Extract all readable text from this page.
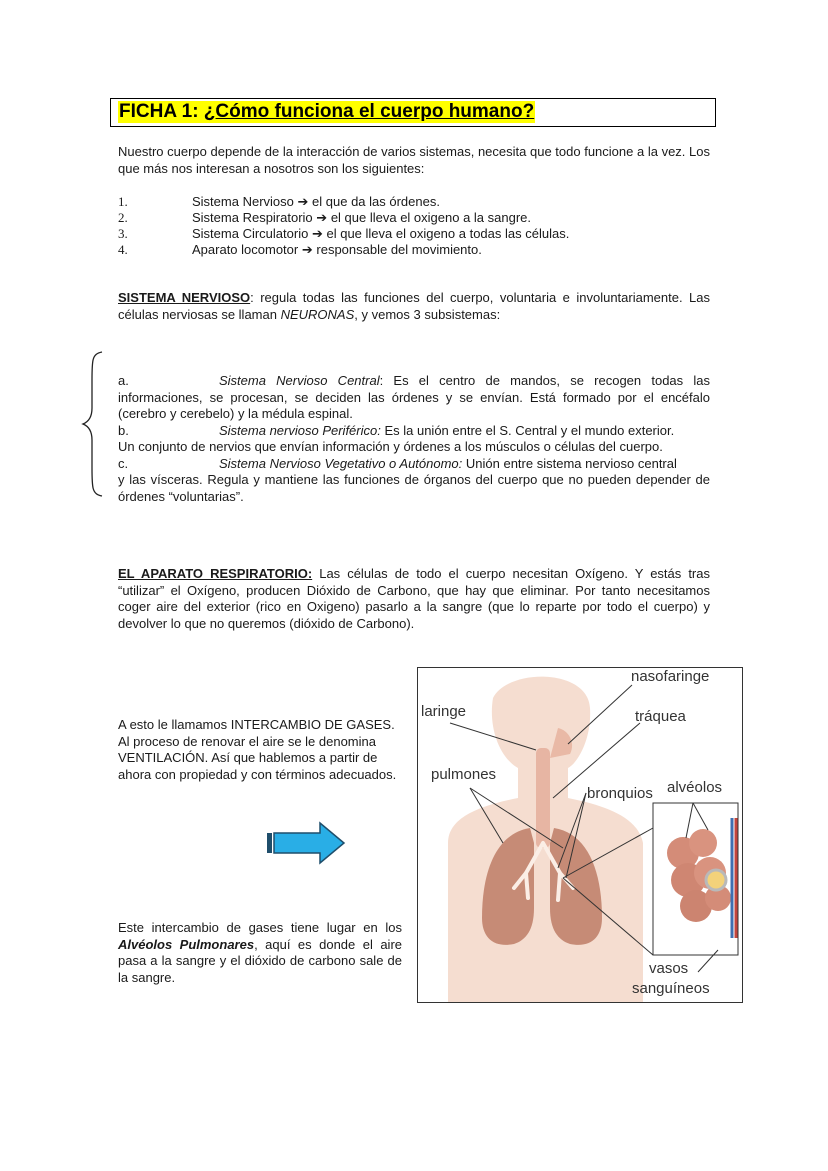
FICHA 1: ¿Cómo funciona el cuerpo humano?
Nuestro cuerpo depende de la interacción de varios sistemas, necesita que todo funcione a la vez. Los que más nos interesan a nosotros son los siguientes:
1.	Sistema Nervioso ➔ el que da las órdenes.
2.	Sistema Respiratorio ➔ el que lleva el oxigeno a la sangre.
3.	Sistema Circulatorio ➔ el que lleva el oxigeno a todas las células.
4.	Aparato locomotor ➔ responsable del movimiento.
SISTEMA NERVIOSO: regula todas las funciones del cuerpo, voluntaria e involuntariamente. Las células nerviosas se llaman NEURONAS, y vemos 3 subsistemas:
a.	Sistema Nervioso Central: Es el centro de mandos, se recogen todas las
informaciones, se procesan, se deciden las órdenes y se envían. Está formado por el encéfalo (cerebro y cerebelo) y la médula espinal.
b.	Sistema nervioso Periférico: Es la unión entre el S. Central y el mundo exterior.
Un conjunto de nervios que envían información y órdenes a los músculos o células del cuerpo.
c.	Sistema Nervioso Vegetativo o Autónomo: Unión entre sistema nervioso central
y las vísceras. Regula y mantiene las funciones de órganos del cuerpo que no pueden depender de órdenes “voluntarias”.
EL APARATO RESPIRATORIO: Las células de todo el cuerpo necesitan Oxígeno. Y estás tras “utilizar” el Oxígeno, producen Dióxido de Carbono, que hay que eliminar. Por tanto necesitamos coger aire del exterior (rico en Oxigeno) pasarlo a la sangre (que lo reparte por todo el cuerpo) y devolver lo que no queremos (dióxido de Carbono).
A esto le llamamos INTERCAMBIO DE GASES. Al proceso de renovar el aire se le denomina VENTILACIÓN. Así que hablemos a partir de ahora con propiedad y con términos adecuados.
Este intercambio de gases tiene lugar en los Alvéolos Pulmonares, aquí es donde el aire pasa a la sangre y el dióxido de carbono sale de la sangre.
nasofaringe
laringe	tráquea
pulmones
bronquios alvéolos
vasos
sanguíneos
